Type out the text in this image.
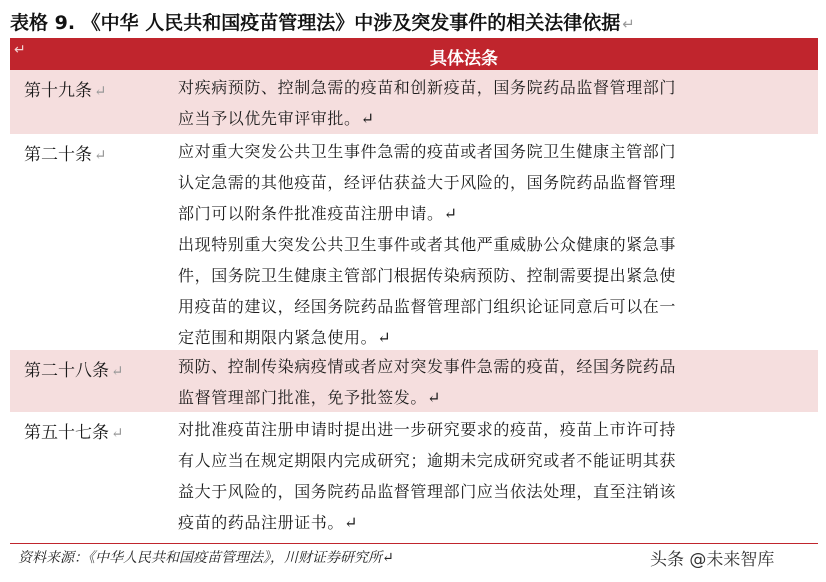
表格 9. 《中华 人民共和国疫苗管理法》中涉及突发事件的相关法律依据 ↵
↵	具体法条
第十九条 ↵	对疾病预防、控制急需的疫苗和创新疫苗，国务院药品监督管理部门
应当予以优先审评审批。↵
第二十条 ↵	应对重大突发公共卫生事件急需的疫苗或者国务院卫生健康主管部门
认定急需的其他疫苗，经评估获益大于风险的，国务院药品监督管理
部门可以附条件批准疫苗注册申请。↵
出现特别重大突发公共卫生事件或者其他严重威胁公众健康的紧急事
件，国务院卫生健康主管部门根据传染病预防、控制需要提出紧急使
用疫苗的建议，经国务院药品监督管理部门组织论证同意后可以在一
定范围和期限内紧急使用。↵
第二十八条 ↵	预防、控制传染病疫情或者应对突发事件急需的疫苗，经国务院药品
监督管理部门批准，免予批签发。↵
第五十七条 ↵	对批准疫苗注册申请时提出进一步研究要求的疫苗，疫苗上市许可持
有人应当在规定期限内完成研究；逾期未完成研究或者不能证明其获
益大于风险的，国务院药品监督管理部门应当依法处理，直至注销该
疫苗的药品注册证书。↵
资料来源：《中华人民共和国疫苗管理法》，川财证券研究所↵	头条 @未来智库
